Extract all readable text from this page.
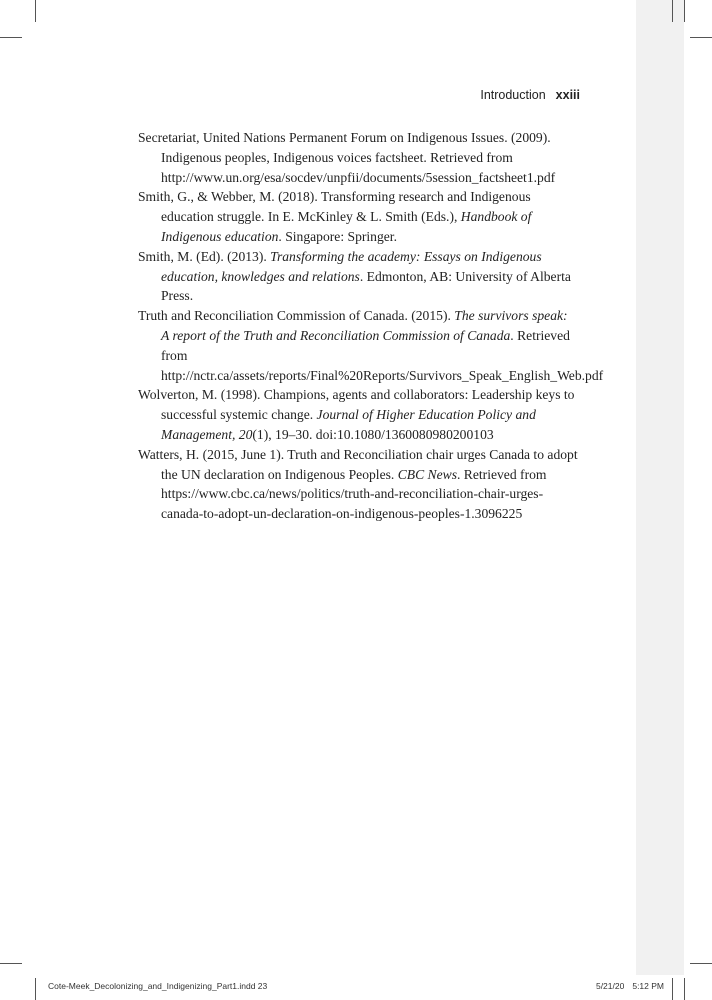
Introduction xxiii

Secretariat, United Nations Permanent Forum on Indigenous Issues. (2009). Indigenous peoples, Indigenous voices factsheet. Retrieved from http://www.un.org/esa/socdev/unpfii/documents/5session_factsheet1.pdf

Smith, G., & Webber, M. (2018). Transforming research and Indigenous education struggle. In E. McKinley & L. Smith (Eds.), Handbook of Indigenous education. Singapore: Springer.

Smith, M. (Ed). (2013). Transforming the academy: Essays on Indigenous education, knowledges and relations. Edmonton, AB: University of Alberta Press.

Truth and Reconciliation Commission of Canada. (2015). The survivors speak: A report of the Truth and Reconciliation Commission of Canada. Retrieved from http://nctr.ca/assets/reports/Final%20Reports/Survivors_Speak_English_Web.pdf

Wolverton, M. (1998). Champions, agents and collaborators: Leadership keys to successful systemic change. Journal of Higher Education Policy and Management, 20(1), 19–30. doi:10.1080/1360080980200103

Watters, H. (2015, June 1). Truth and Reconciliation chair urges Canada to adopt the UN declaration on Indigenous Peoples. CBC News. Retrieved from https://www.cbc.ca/news/politics/truth-and-reconciliation-chair-urges-canada-to-adopt-un-declaration-on-indigenous-peoples-1.3096225

Cote-Meek_Decolonizing_and_Indigenizing_Part1.indd 23	5/21/20 5:12 PM
